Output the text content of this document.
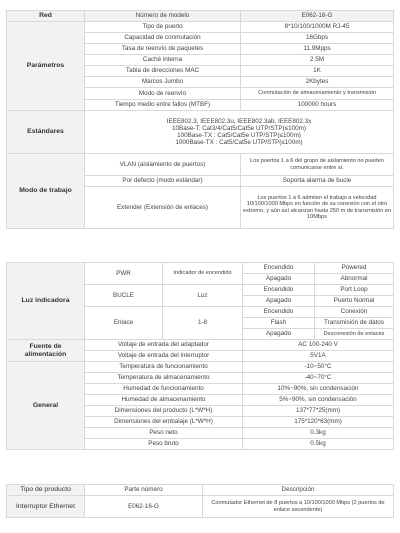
Red	Número de modelo	E062-16-G
Parámetros	Tipo de puerto	8*10/100/1000M RJ-45
	Capacidad de conmutación	16Gbps
	Tasa de reenvío de paquetes	11.9Mpps
	Caché interna	2.5M
	Tabla de direcciones MAC	1K
	Marcos Jumbo	2Kbytes
	Modo de reenvío	Conmutación de almacenamiento y transmisión
	Tiempo medio entre fallos (MTBF)	100000 hours
Estándares	IEEE802.3, IEEE802.3u, IEEE802.3ab, IEEE802.3x
10Base-T: Cat3/4/Cat5/Cat5e UTP/STP(≤100m)
100Base-TX : Cat5/Cat5e UTP/STP(≤100m)
1000Base-TX : Cat5/Cat5e UTP/STP(≤100m)	

Modo de trabajo	VLAN (aislamiento de puertos)	Los puertos 1 a 6 del grupo de aislamiento no pueden comunicarse entre sí.
	Por defecto (modo estándar)	Soporta alarma de bucle
	Extender (Extensión de enlaces)	Los puertos 1 a 6 admiten el trabajo a velocidad 10/100/1000 Mbps en función de su conexión con el otro extremo, y aún así alcanzan hasta 250 m de transmisión en 10Mbps
Luz indicadora	PWR	Indicador de encendido	Encendido	Powered
			Apagado	Abnormal
	BUCLE	Luz	Encendido	Port Loop
			Apagado	Puerto Normal
	Enlace	1-8	Encendido	Conexión
			Flash	Transmisión de datos
			Apagado	Desconexión de enlaces
Fuente de alimentación	Voltaje de entrada del adaptador		AC 100-240 V	
	Voltaje de entrada del interruptor		5V1A	
General	Temperatura de funcionamiento		-10~50°C	
	Temperatura de almacenamiento		-40~70°C	
	Humedad de funcionamiento		10%~90%, sin condensación	
	Humedad de almacenamiento		5%~90%, sin condensación	
	Dimensiones del producto (L*W*H)		137*77*25(mm)	
	Dimensiones del embalaje (L*W*H)		175*120*63(mm)	
	Peso neto		0.3kg	
	Peso bruto		0.5kg	
Tipo de producto	Parte número	Descripción
Interruptor Ethernet	E062-16-G	Conmutador Ethernet de 8 puertos a 10/100/1000 Mbps (2 puertos de enlace ascendente)
